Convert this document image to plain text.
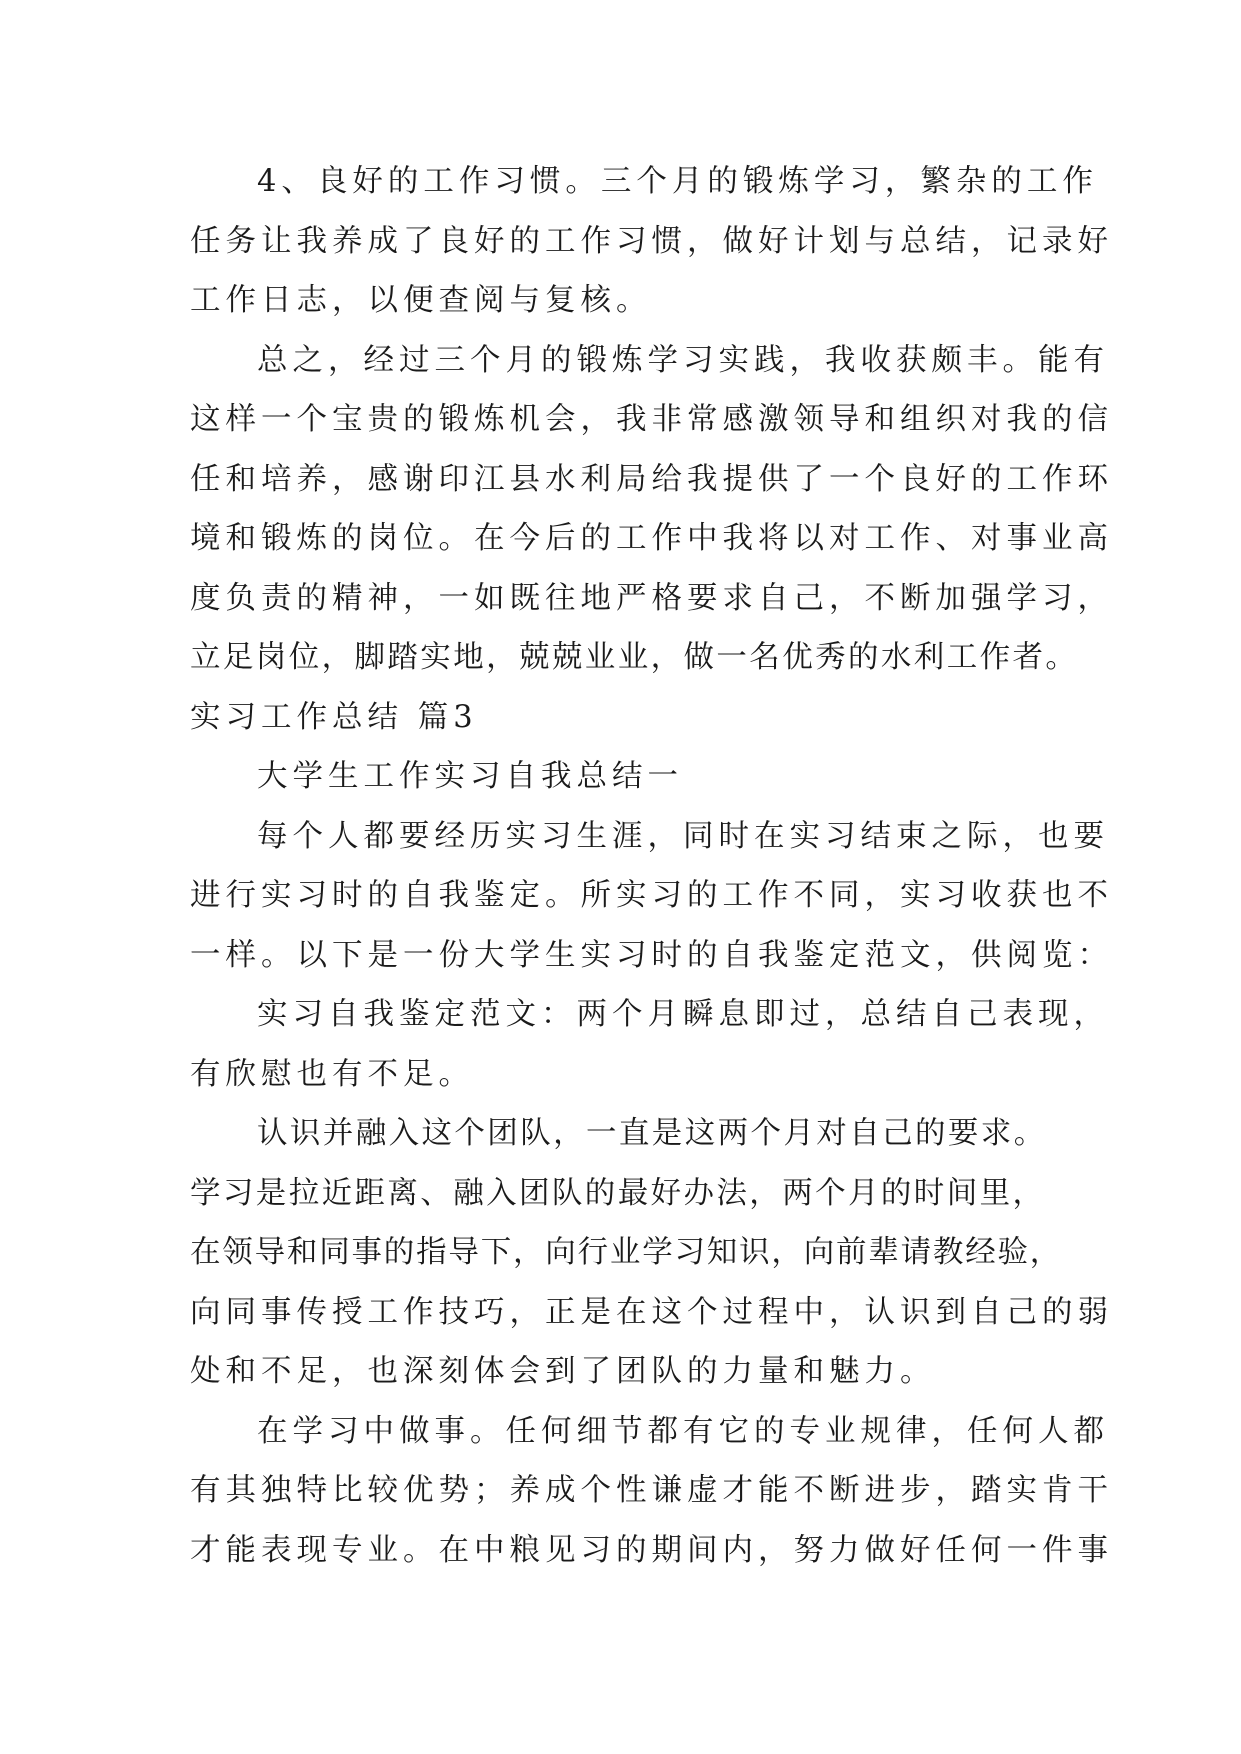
4、良好的工作习惯。三个月的锻炼学习，繁杂的工作
任务让我养成了良好的工作习惯，做好计划与总结，记录好
工作日志，以便查阅与复核。
总之，经过三个月的锻炼学习实践，我收获颇丰。能有
这样一个宝贵的锻炼机会，我非常感激领导和组织对我的信
任和培养，感谢印江县水利局给我提供了一个良好的工作环
境和锻炼的岗位。在今后的工作中我将以对工作、对事业高
度负责的精神，一如既往地严格要求自己，不断加强学习，
立足岗位，脚踏实地，兢兢业业，做一名优秀的水利工作者。
实习工作总结 篇3
大学生工作实习自我总结一
每个人都要经历实习生涯，同时在实习结束之际，也要
进行实习时的自我鉴定。所实习的工作不同，实习收获也不
一样。以下是一份大学生实习时的自我鉴定范文，供阅览：
实习自我鉴定范文：两个月瞬息即过，总结自己表现，
有欣慰也有不足。
认识并融入这个团队，一直是这两个月对自己的要求。
学习是拉近距离、融入团队的最好办法，两个月的时间里，
在领导和同事的指导下，向行业学习知识，向前辈请教经验，
向同事传授工作技巧，正是在这个过程中，认识到自己的弱
处和不足，也深刻体会到了团队的力量和魅力。
在学习中做事。任何细节都有它的专业规律，任何人都
有其独特比较优势；养成个性谦虚才能不断进步，踏实肯干
才能表现专业。在中粮见习的期间内，努力做好任何一件事
